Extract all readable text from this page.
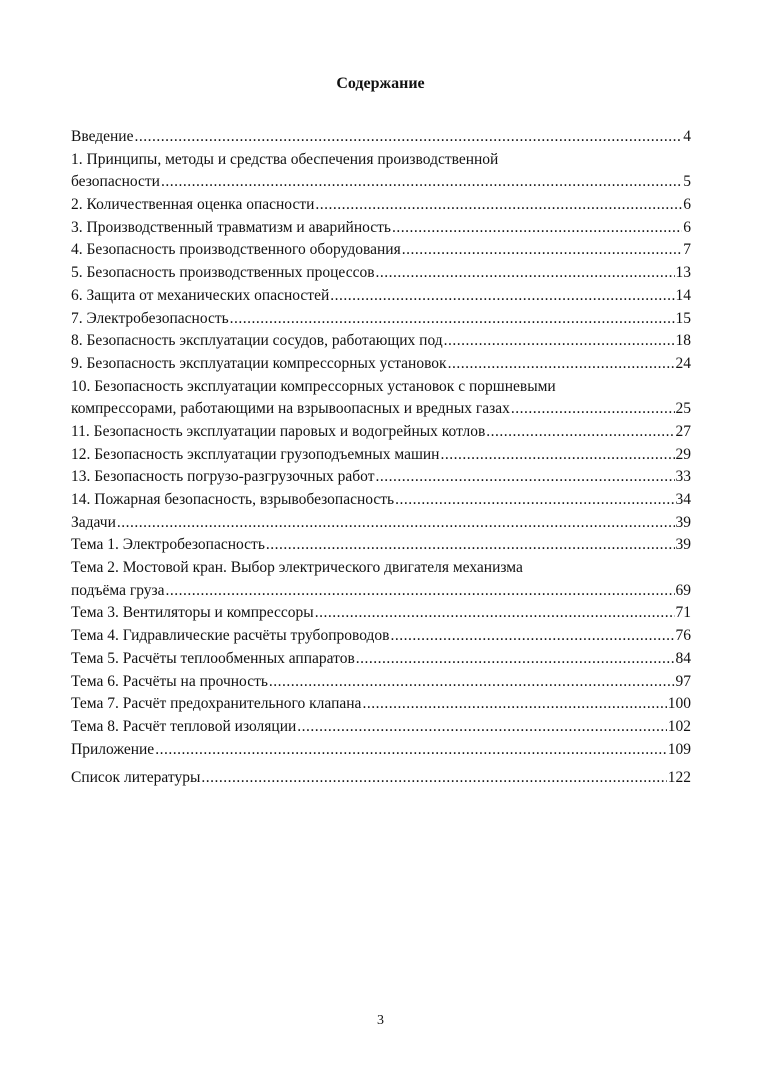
Содержание
Введение .....	4
1. Принципы, методы и средства обеспечения производственной
безопасности .....	5
2. Количественная оценка опасности .....	6
3. Производственный травматизм и аварийность .....	6
4. Безопасность производственного оборудования .....	7
5. Безопасность производственных процессов .....	13
6. Защита от механических опасностей .....	14
7. Электробезопасность .....	15
8. Безопасность эксплуатации сосудов, работающих под .....	18
9. Безопасность эксплуатации компрессорных установок .....	24
10. Безопасность эксплуатации компрессорных установок с поршневыми
компрессорами, работающими на взрывоопасных и вредных газах .....	25
11. Безопасность эксплуатации паровых и водогрейных котлов .....	27
12. Безопасность эксплуатации грузоподъемных машин .....	29
13. Безопасность погрузо-разгрузочных работ .....	33
14. Пожарная безопасность, взрывобезопасность .....	34
Задачи .....	39
Тема 1. Электробезопасность .....	39
Тема 2. Мостовой кран. Выбор электрического двигателя механизма
подъёма груза .....	69
Тема 3. Вентиляторы и компрессоры .....	71
Тема 4. Гидравлические расчёты трубопроводов .....	76
Тема 5. Расчёты теплообменных аппаратов .....	84
Тема 6. Расчёты на прочность .....	97
Тема 7. Расчёт предохранительного клапана .....	100
Тема 8. Расчёт тепловой изоляции .....	102
Приложение .....	109
Список литературы .....	122
3
